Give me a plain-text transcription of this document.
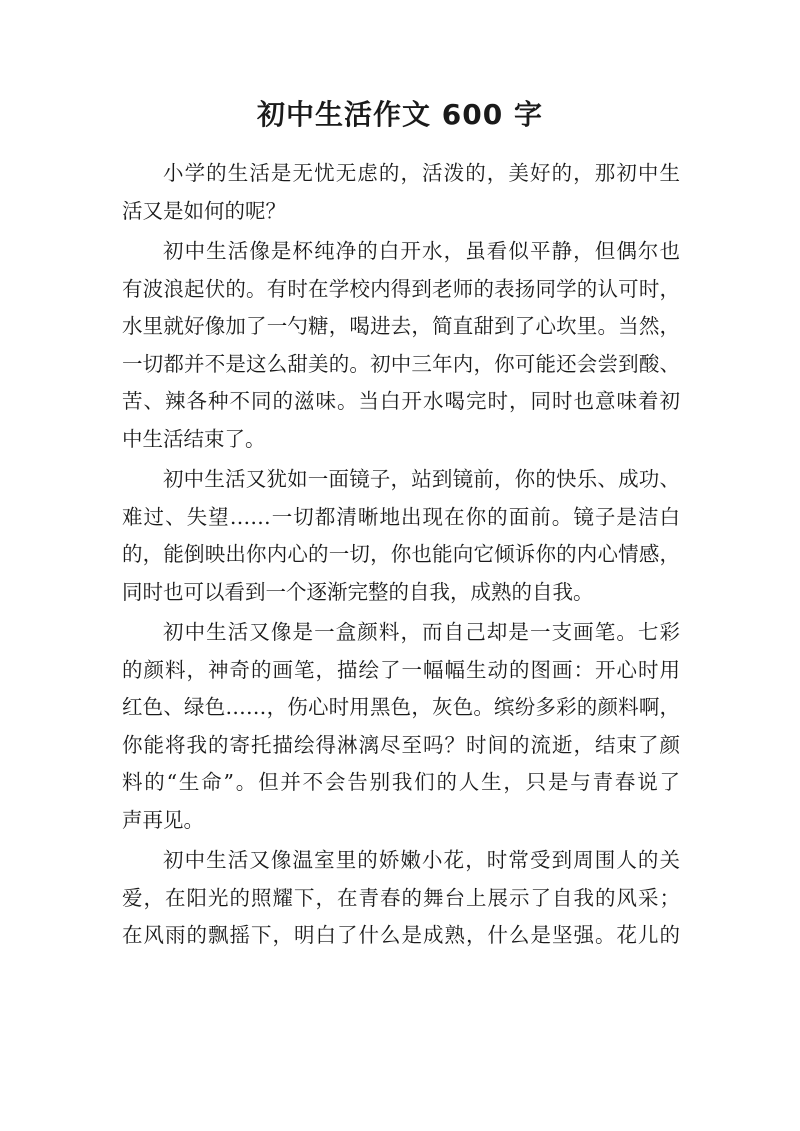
初中生活作文 600 字

小学的生活是无忧无虑的，活泼的，美好的，那初中生
活又是如何的呢？

初中生活像是杯纯净的白开水，虽看似平静，但偶尔也
有波浪起伏的。有时在学校内得到老师的表扬同学的认可时，
水里就好像加了一勺糖，喝进去，简直甜到了心坎里。当然，
一切都并不是这么甜美的。初中三年内，你可能还会尝到酸、
苦、辣各种不同的滋味。当白开水喝完时，同时也意味着初
中生活结束了。

初中生活又犹如一面镜子，站到镜前，你的快乐、成功、
难过、失望……一切都清晰地出现在你的面前。镜子是洁白
的，能倒映出你内心的一切，你也能向它倾诉你的内心情感，
同时也可以看到一个逐渐完整的自我，成熟的自我。

初中生活又像是一盒颜料，而自己却是一支画笔。七彩
的颜料，神奇的画笔，描绘了一幅幅生动的图画：开心时用
红色、绿色……，伤心时用黑色，灰色。缤纷多彩的颜料啊，
你能将我的寄托描绘得淋漓尽至吗？时间的流逝，结束了颜
料的“生命”。但并不会告别我们的人生，只是与青春说了
声再见。

初中生活又像温室里的娇嫩小花，时常受到周围人的关
爱，在阳光的照耀下，在青春的舞台上展示了自我的风采；
在风雨的飘摇下，明白了什么是成熟，什么是坚强。花儿的
